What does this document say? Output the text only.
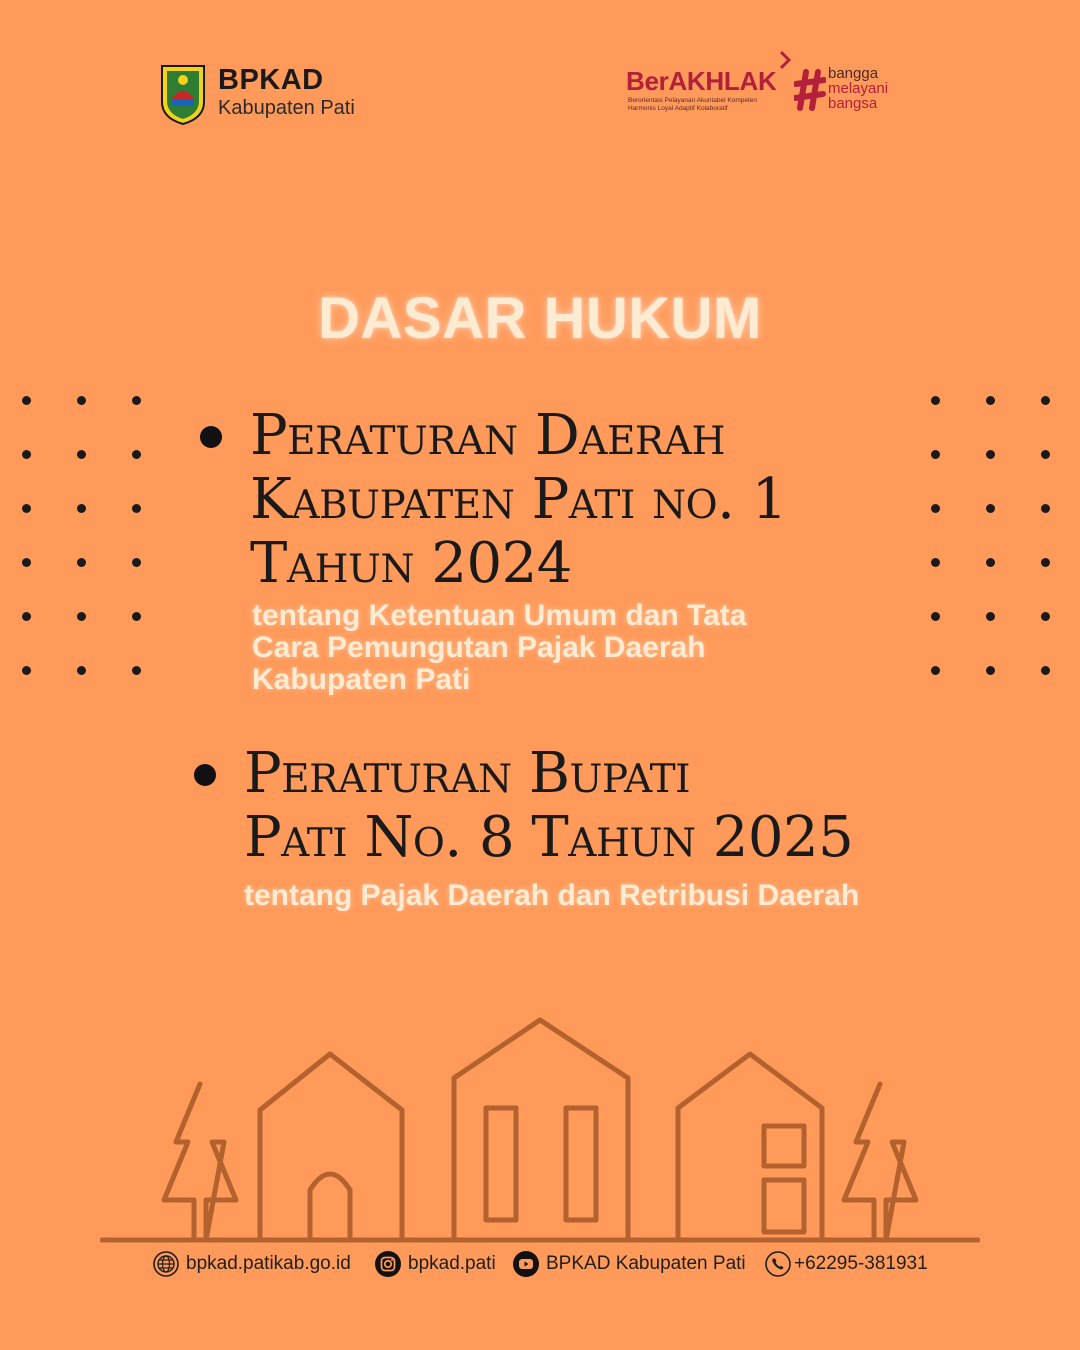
BPKAD
Kabupaten Pati
BerAKHLAK
Berorientasi Pelayanan Akuntabel Kompeten
Harmonis Loyal Adaptif Kolaboratif
bangga
melayani
bangsa
DASAR HUKUM
Peraturan Daerah
Kabupaten Pati no. 1
Tahun 2024
tentang Ketentuan Umum dan Tata
Cara Pemungutan Pajak Daerah
Kabupaten Pati
Peraturan Bupati
Pati No. 8 Tahun 2025
tentang Pajak Daerah dan Retribusi Daerah
bpkad.patikab.go.id	bpkad.pati	BPKAD Kabupaten Pati	+62295-381931
